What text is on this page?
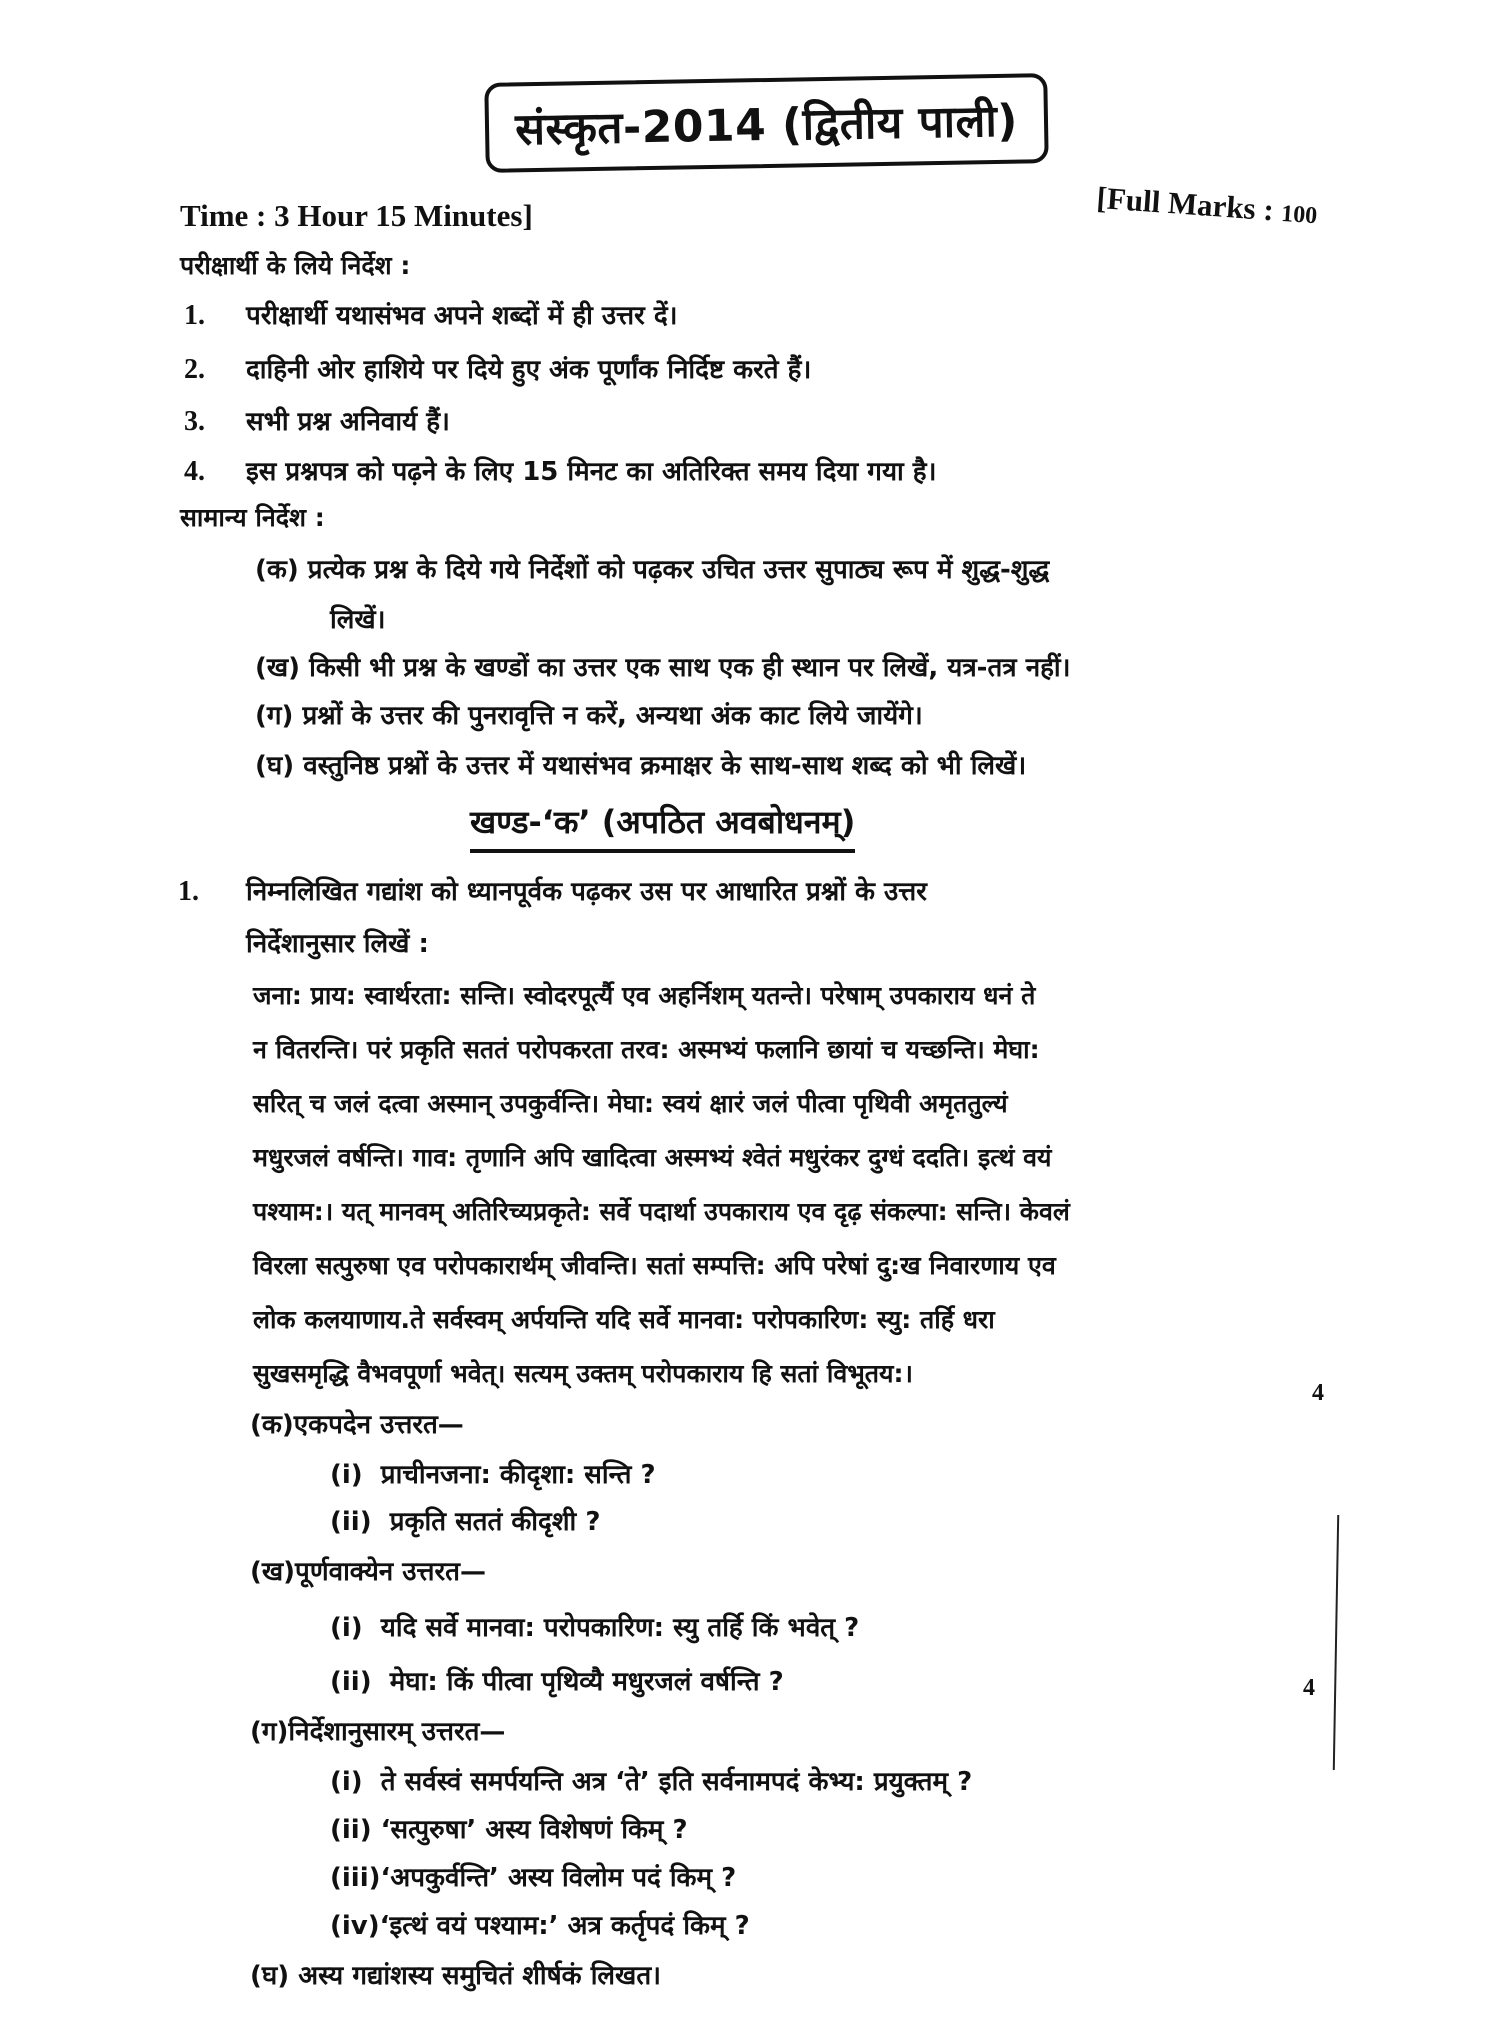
संस्कृत-2014 (द्वितीय पाली)
Time : 3 Hour 15 Minutes]	[Full Marks : 100
परीक्षार्थी के लिये निर्देश :
1. परीक्षार्थी यथासंभव अपने शब्दों में ही उत्तर दें।
2. दाहिनी ओर हाशिये पर दिये हुए अंक पूर्णांक निर्दिष्ट करते हैं।
3. सभी प्रश्न अनिवार्य हैं।
4. इस प्रश्नपत्र को पढ़ने के लिए 15 मिनट का अतिरिक्त समय दिया गया है।
सामान्य निर्देश :
(क) प्रत्येक प्रश्न के दिये गये निर्देशों को पढ़कर उचित उत्तर सुपाठ्य रूप में शुद्ध-शुद्ध
लिखें।
(ख) किसी भी प्रश्न के खण्डों का उत्तर एक साथ एक ही स्थान पर लिखें, यत्र-तत्र नहीं।
(ग) प्रश्नों के उत्तर की पुनरावृत्ति न करें, अन्यथा अंक काट लिये जायेंगे।
(घ) वस्तुनिष्ठ प्रश्नों के उत्तर में यथासंभव क्रमाक्षर के साथ-साथ शब्द को भी लिखें।
खण्ड-‘क’ (अपठित अवबोधनम्)
1. निम्नलिखित गद्यांश को ध्यानपूर्वक पढ़कर उस पर आधारित प्रश्नों के उत्तर
निर्देशानुसार लिखें :
जना: प्राय: स्वार्थरता: सन्ति। स्वोदरपूर्त्यै एव अहर्निशम् यतन्ते। परेषाम् उपकाराय धनं ते
न वितरन्ति। परं प्रकृति सततं परोपकरता तरव: अस्मभ्यं फलानि छायां च यच्छन्ति। मेघा:
सरित् च जलं दत्वा अस्मान् उपकुर्वन्ति। मेघा: स्वयं क्षारं जलं पीत्वा पृथिवी अमृततुल्यं
मधुरजलं वर्षन्ति। गाव: तृणानि अपि खादित्वा अस्मभ्यं श्वेतं मधुरंकर दुग्धं ददति। इत्थं वयं
पश्याम:। यत् मानवम् अतिरिच्यप्रकृते: सर्वे पदार्था उपकाराय एव दृढ़ संकल्पा: सन्ति। केवलं
विरला सत्पुरुषा एव परोपकारार्थम् जीवन्ति। सतां सम्पत्ति: अपि परेषां दु:ख निवारणाय एव
लोक कलयाणाय.ते सर्वस्वम् अर्पयन्ति यदि सर्वे मानवा: परोपकारिण: स्यु: तर्हि धरा
सुखसमृद्धि वैभवपूर्णा भवेत्। सत्यम् उक्तम् परोपकाराय हि सतां विभूतय:।
(क)एकपदेन उत्तरत—
4
(i) प्राचीनजना: कीदृशा: सन्ति ?
(ii) प्रकृति सततं कीदृशी ?
(ख)पूर्णवाक्येन उत्तरत—
(i) यदि सर्वे मानवा: परोपकारिण: स्यु तर्हि किं भवेत् ?
(ii) मेघा: किं पीत्वा पृथिव्यै मधुरजलं वर्षन्ति ?	4
(ग)निर्देशानुसारम् उत्तरत—
(i) ते सर्वस्वं समर्पयन्ति अत्र ‘ते’ इति सर्वनामपदं केभ्य: प्रयुक्तम् ?
(ii) ‘सत्पुरुषा’ अस्य विशेषणं किम् ?
(iii)‘अपकुर्वन्ति’ अस्य विलोम पदं किम् ?
(iv)‘इत्थं वयं पश्याम:’ अत्र कर्तृपदं किम् ?
(घ) अस्य गद्यांशस्य समुचितं शीर्षकं लिखत।
